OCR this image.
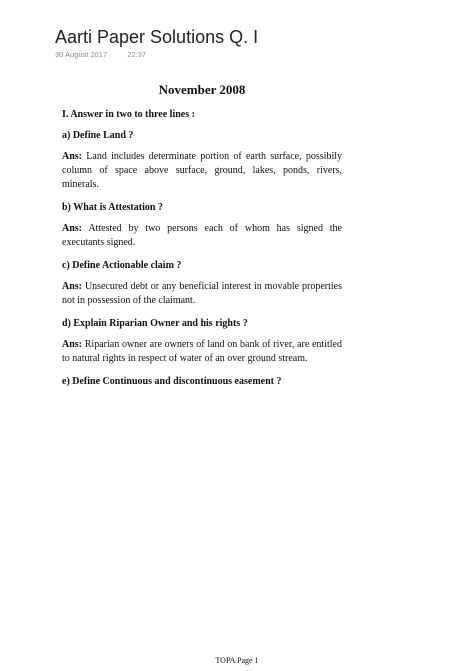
Aarti Paper Solutions Q. I
30 August 2017	22:37
November 2008
I. Answer in two to three lines :
a) Define Land ?
Ans: Land includes determinate portion of earth surface, possibily column of space above surface, ground, lakes, ponds, rivers, minerals.
b) What is Attestation ?
Ans: Attested by two persons each of whom has signed the executants signed.
c) Define Actionable claim ?
Ans: Unsecured debt or any beneficial interest in movable properties not in possession of the claimant.
d) Explain Riparian Owner and his rights ?
Ans: Riparian owner are owners of land on bank of river, are entitled to natural rights in respect of water of an over ground stream.
e) Define Continuous and discontinuous easement ?
TOPA Page 1
